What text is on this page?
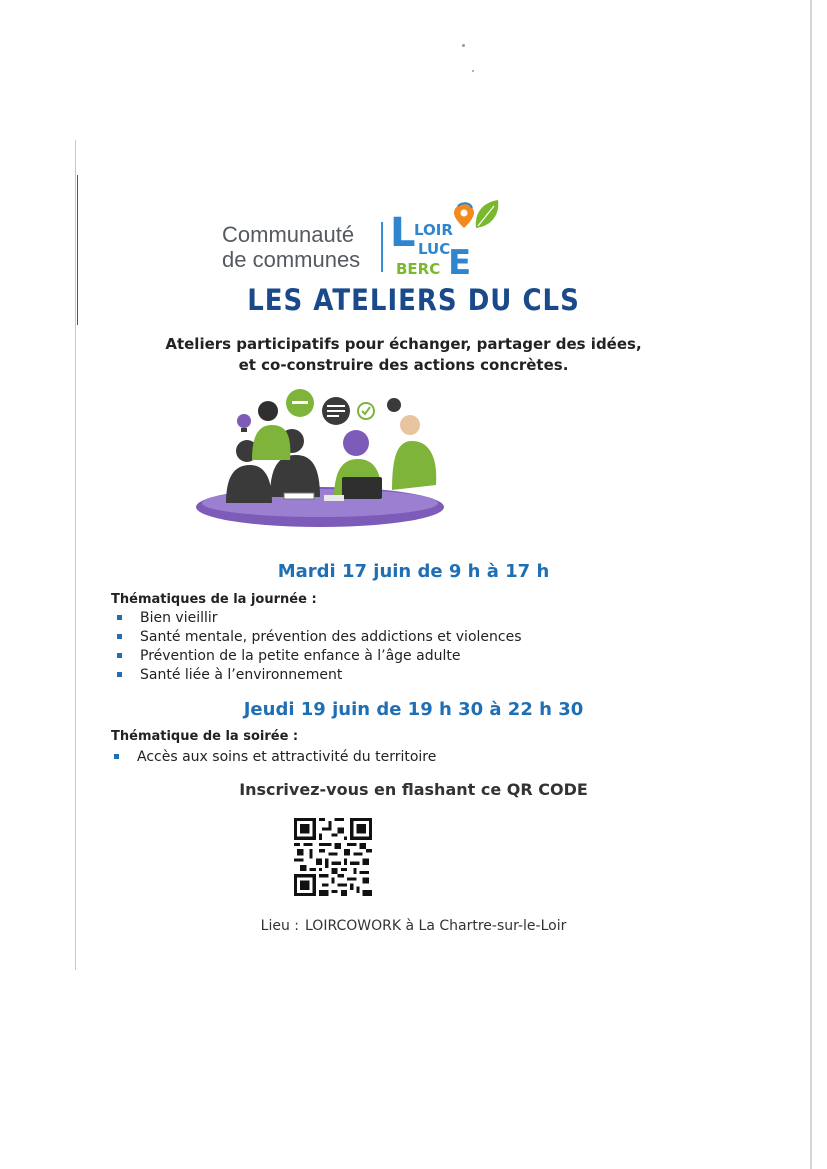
Communauté
de communes
L
LOIR
LUC
BERC E
LES ATELIERS DU CLS
Ateliers participatifs pour échanger, partager des idées,
et co-construire des actions concrètes.
Mardi 17 juin de 9 h à 17 h
Thématiques de la journée :
Bien vieillir
Santé mentale, prévention des addictions et violences
Prévention de la petite enfance à l’âge adulte
Santé liée à l’environnement
Jeudi 19 juin de 19 h 30 à 22 h 30
Thématique de la soirée :
Accès aux soins et attractivité du territoire
Inscrivez-vous en flashant ce QR CODE
Lieu : LOIRCOWORK à La Chartre-sur-le-Loir
